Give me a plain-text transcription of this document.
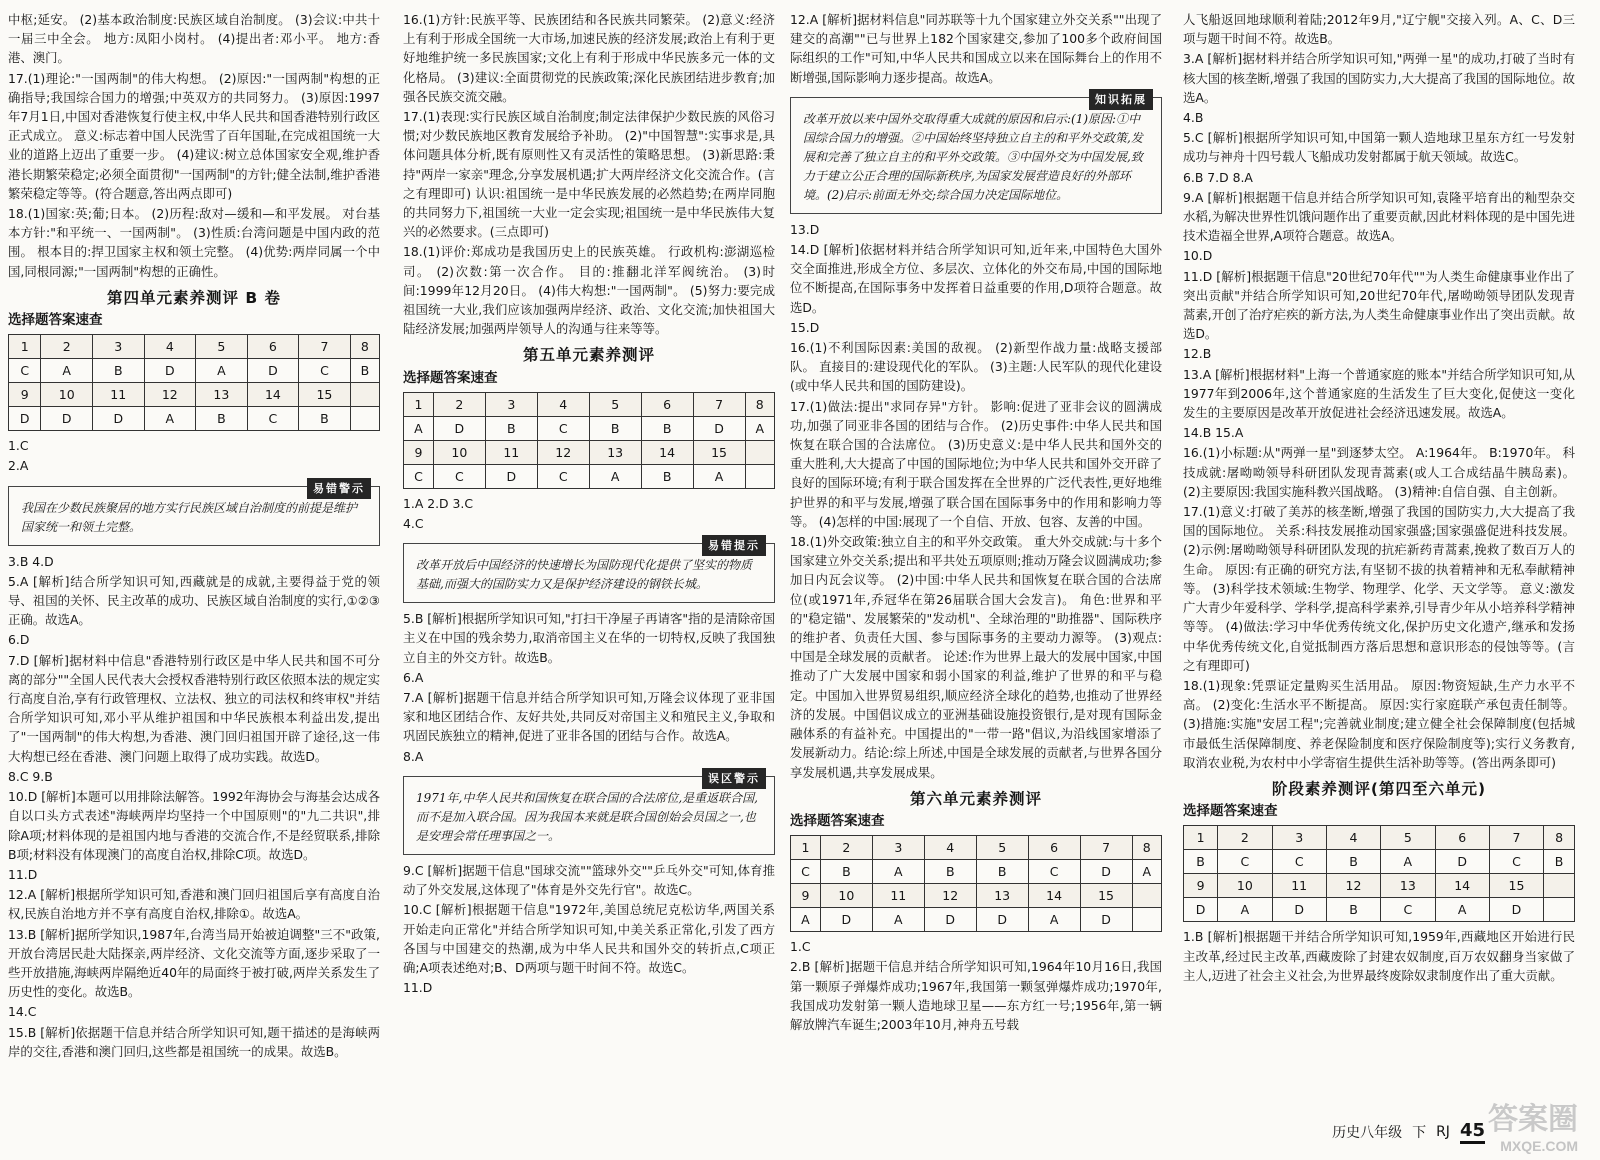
中枢;延安。 (2)基本政治制度:民族区域自治制度。 (3)会议:中共十一届三中全会。 地方:凤阳小岗村。 (4)提出者:邓小平。 地方:香港、澳门。

17.(1)理论:"一国两制"的伟大构想。 (2)原因:"一国两制"构想的正确指导;我国综合国力的增强;中英双方的共同努力。 (3)原因:1997年7月1日,中国对香港恢复行使主权,中华人民共和国香港特别行政区正式成立。 意义:标志着中国人民洗雪了百年国耻,在完成祖国统一大业的道路上迈出了重要一步。 (4)建议:树立总体国家安全观,维护香港长期繁荣稳定;必须全面贯彻"一国两制"的方针;健全法制,维护香港繁荣稳定等等。(符合题意,答出两点即可)

18.(1)国家:英;葡;日本。 (2)历程:敌对—缓和—和平发展。 对台基本方针:"和平统一、一国两制"。 (3)性质:台湾问题是中国内政的范围。 根本目的:捍卫国家主权和领土完整。 (4)优势:两岸同属一个中国,同根同源;"一国两制"构想的正确性。

第四单元素养测评 B 卷
选择题答案速查
1	2	3	4	5	6	7	8
C	A	B	D	A	D	C	B
9	10	11	12	13	14	15	
D	D	D	A	B	C	B	

1.C

2.A

易错警示
我国在少数民族聚居的地方实行民族区域自治制度的前提是维护国家统一和领土完整。

3.B 4.D

5.A [解析]结合所学知识可知,西藏就是的成就,主要得益于党的领导、祖国的关怀、民主改革的成功、民族区域自治制度的实行,①②③正确。故选A。

6.D

7.D [解析]据材料中信息"香港特别行政区是中华人民共和国不可分离的部分""全国人民代表大会授权香港特别行政区依照本法的规定实行高度自治,享有行政管理权、立法权、独立的司法权和终审权"并结合所学知识可知,邓小平从维护祖国和中华民族根本利益出发,提出了"一国两制"的伟大构想,为香港、澳门回归祖国开辟了途径,这一伟大构想已经在香港、澳门问题上取得了成功实践。故选D。

8.C 9.B

10.D [解析]本题可以用排除法解答。1992年海协会与海基会达成各自以口头方式表述"海峡两岸均坚持一个中国原则"的"九二共识",排除A项;材料体现的是祖国内地与香港的交流合作,不是经贸联系,排除B项;材料没有体现澳门的高度自治权,排除C项。故选D。

11.D

12.A [解析]根据所学知识可知,香港和澳门回归祖国后享有高度自治权,民族自治地方并不享有高度自治权,排除①。故选A。

13.B [解析]据所学知识,1987年,台湾当局开始被迫调整"三不"政策,开放台湾居民赴大陆探亲,两岸经济、文化交流等方面,逐步采取了一些开放措施,海峡两岸隔绝近40年的局面终于被打破,两岸关系发生了历史性的变化。故选B。

14.C

15.B [解析]依据题干信息并结合所学知识可知,题干描述的是海峡两岸的交往,香港和澳门回归,这些都是祖国统一的成果。故选B。

16.(1)方针:民族平等、民族团结和各民族共同繁荣。 (2)意义:经济上有利于形成全国统一大市场,加速民族的经济发展;政治上有利于更好地维护统一多民族国家;文化上有利于形成中华民族多元一体的文化格局。 (3)建议:全面贯彻党的民族政策;深化民族团结进步教育;加强各民族交流交融。

17.(1)表现:实行民族区域自治制度;制定法律保护少数民族的风俗习惯;对少数民族地区教育发展给予补助。 (2)"中国智慧":实事求是,具体问题具体分析,既有原则性又有灵活性的策略思想。 (3)新思路:秉持"两岸一家亲"理念,分享发展机遇;扩大两岸经济文化交流合作。(言之有理即可) 认识:祖国统一是中华民族发展的必然趋势;在两岸同胞的共同努力下,祖国统一大业一定会实现;祖国统一是中华民族伟大复兴的必然要求。(三点即可)

18.(1)评价:郑成功是我国历史上的民族英雄。 行政机构:澎湖巡检司。 (2)次数:第一次合作。 目的:推翻北洋军阀统治。 (3)时间:1999年12月20日。 (4)伟大构想:"一国两制"。 (5)努力:要完成祖国统一大业,我们应该加强两岸经济、政治、文化交流;加快祖国大陆经济发展;加强两岸领导人的沟通与往来等等。

第五单元素养测评
选择题答案速查
1	2	3	4	5	6	7	8
A	D	B	C	B	B	D	A
9	10	11	12	13	14	15	
C	C	D	C	A	B	A	

1.A 2.D 3.C

4.C

易错提示
改革开放后中国经济的快速增长为国防现代化提供了坚实的物质基础,而强大的国防实力又是保护经济建设的钢铁长城。

5.B [解析]根据所学知识可知,"打扫干净屋子再请客"指的是清除帝国主义在中国的残余势力,取消帝国主义在华的一切特权,反映了我国独立自主的外交方针。故选B。

6.A

7.A [解析]据题干信息并结合所学知识可知,万隆会议体现了亚非国家和地区团结合作、友好共处,共同反对帝国主义和殖民主义,争取和巩固民族独立的精神,促进了亚非各国的团结与合作。故选A。

8.A

误区警示
1971年,中华人民共和国恢复在联合国的合法席位,是重返联合国,而不是加入联合国。因为我国本来就是联合国创始会员国之一,也是安理会常任理事国之一。

9.C [解析]据题干信息"国球交流""篮球外交""乒乓外交"可知,体育推动了外交发展,这体现了"体育是外交先行官"。故选C。

10.C [解析]根据题干信息"1972年,美国总统尼克松访华,两国关系开始走向正常化"并结合所学知识可知,中美关系正常化,引发了西方各国与中国建交的热潮,成为中华人民共和国外交的转折点,C项正确;A项表述绝对;B、D两项与题干时间不符。故选C。

11.D

12.A [解析]据材料信息"同苏联等十九个国家建立外交关系""出现了建交的高潮""已与世界上182个国家建交,参加了100多个政府间国际组织的工作"可知,中华人民共和国成立以来在国际舞台上的作用不断增强,国际影响力逐步提高。故选A。

知识拓展
改革开放以来中国外交取得重大成就的原因和启示:(1)原因:①中国综合国力的增强。②中国始终坚持独立自主的和平外交政策,发展和完善了独立自主的和平外交政策。③中国外交为中国发展,致力于建立公正合理的国际新秩序,为国家发展营造良好的外部环境。(2)启示:前面无外交;综合国力决定国际地位。

13.D

14.D [解析]依据材料并结合所学知识可知,近年来,中国特色大国外交全面推进,形成全方位、多层次、立体化的外交布局,中国的国际地位不断提高,在国际事务中发挥着日益重要的作用,D项符合题意。故选D。

15.D

16.(1)不利国际因素:美国的敌视。 (2)新型作战力量:战略支援部队。 直接目的:建设现代化的军队。 (3)主题:人民军队的现代化建设(或中华人民共和国的国防建设)。

17.(1)做法:提出"求同存异"方针。 影响:促进了亚非会议的圆满成功,加强了同亚非各国的团结与合作。 (2)历史事件:中华人民共和国恢复在联合国的合法席位。 (3)历史意义:是中华人民共和国外交的重大胜利,大大提高了中国的国际地位;为中华人民共和国外交开辟了良好的国际环境;有利于联合国发挥在全世界的广泛代表性,更好地维护世界的和平与发展,增强了联合国在国际事务中的作用和影响力等等。 (4)怎样的中国:展现了一个自信、开放、包容、友善的中国。

18.(1)外交政策:独立自主的和平外交政策。 重大外交成就:与十多个国家建立外交关系;提出和平共处五项原则;推动万隆会议圆满成功;参加日内瓦会议等。 (2)中国:中华人民共和国恢复在联合国的合法席位(或1971年,乔冠华在第26届联合国大会发言)。 角色:世界和平的"稳定锚"、发展繁荣的"发动机"、全球治理的"助推器"、国际秩序的维护者、负责任大国、参与国际事务的主要动力源等。 (3)观点:中国是全球发展的贡献者。 论述:作为世界上最大的发展中国家,中国推动了广大发展中国家和弱小国家的利益,维护了世界的和平与稳定。中国加入世界贸易组织,顺应经济全球化的趋势,也推动了世界经济的发展。中国倡议成立的亚洲基础设施投资银行,是对现有国际金融体系的有益补充。中国提出的"一带一路"倡议,为沿线国家增添了发展新动力。结论:综上所述,中国是全球发展的贡献者,与世界各国分享发展机遇,共享发展成果。

第六单元素养测评
选择题答案速查
1	2	3	4	5	6	7	8
C	B	A	B	B	C	D	A
9	10	11	12	13	14	15	
A	D	A	D	D	A	D	

1.C

2.B [解析]据题干信息并结合所学知识可知,1964年10月16日,我国第一颗原子弹爆炸成功;1967年,我国第一颗氢弹爆炸成功;1970年,我国成功发射第一颗人造地球卫星——东方红一号;1956年,第一辆解放牌汽车诞生;2003年10月,神舟五号载

人飞船返回地球顺利着陆;2012年9月,"辽宁舰"交接入列。A、C、D三项与题干时间不符。故选B。

3.A [解析]据材料并结合所学知识可知,"两弹一星"的成功,打破了当时有核大国的核垄断,增强了我国的国防实力,大大提高了我国的国际地位。故选A。

4.B

5.C [解析]根据所学知识可知,中国第一颗人造地球卫星东方红一号发射成功与神舟十四号载人飞船成功发射都属于航天领域。故选C。

6.B 7.D 8.A

9.A [解析]根据题干信息并结合所学知识可知,袁隆平培育出的籼型杂交水稻,为解决世界性饥饿问题作出了重要贡献,因此材料体现的是中国先进技术造福全世界,A项符合题意。故选A。

10.D

11.D [解析]根据题干信息"20世纪70年代""为人类生命健康事业作出了突出贡献"并结合所学知识可知,20世纪70年代,屠呦呦领导团队发现青蒿素,开创了治疗疟疾的新方法,为人类生命健康事业作出了突出贡献。故选D。

12.B

13.A [解析]根据材料"上海一个普通家庭的账本"并结合所学知识可知,从1977年到2006年,这个普通家庭的生活发生了巨大变化,促使这一变化发生的主要原因是改革开放促进社会经济迅速发展。故选A。

14.B 15.A

16.(1)小标题:从"两弹一星"到逐梦太空。 A:1964年。 B:1970年。 科技成就:屠呦呦领导科研团队发现青蒿素(或人工合成结晶牛胰岛素)。 (2)主要原因:我国实施科教兴国战略。 (3)精神:自信自强、自主创新。

17.(1)意义:打破了美苏的核垄断,增强了我国的国防实力,大大提高了我国的国际地位。 关系:科技发展推动国家强盛;国家强盛促进科技发展。 (2)示例:屠呦呦领导科研团队发现的抗疟新药青蒿素,挽救了数百万人的生命。 原因:有正确的研究方法,有坚韧不拔的执着精神和无私奉献精神等。 (3)科学技术领域:生物学、物理学、化学、天文学等。 意义:激发广大青少年爱科学、学科学,提高科学素养,引导青少年从小培养科学精神等等。 (4)做法:学习中华优秀传统文化,保护历史文化遗产,继承和发扬中华优秀传统文化,自觉抵制西方落后思想和意识形态的侵蚀等等。(言之有理即可)

18.(1)现象:凭票证定量购买生活用品。 原因:物资短缺,生产力水平不高。 (2)变化:生活水平不断提高。 原因:实行家庭联产承包责任制等。 (3)措施:实施"安居工程";完善就业制度;建立健全社会保障制度(包括城市最低生活保障制度、养老保险制度和医疗保险制度等);实行义务教育,取消农业税,为农村中小学寄宿生提供生活补助等等。(答出两条即可)

阶段素养测评(第四至六单元)
选择题答案速查
1	2	3	4	5	6	7	8
B	C	C	B	A	D	C	B
9	10	11	12	13	14	15	
D	A	D	B	C	A	D	

1.B [解析]根据题干并结合所学知识可知,1959年,西藏地区开始进行民主改革,经过民主改革,西藏废除了封建农奴制度,百万农奴翻身当家做了主人,迈进了社会主义社会,为世界最终废除奴隶制度作出了重大贡献。

历史八年级 下 RJ 45 答案圈
MXQE.COM
